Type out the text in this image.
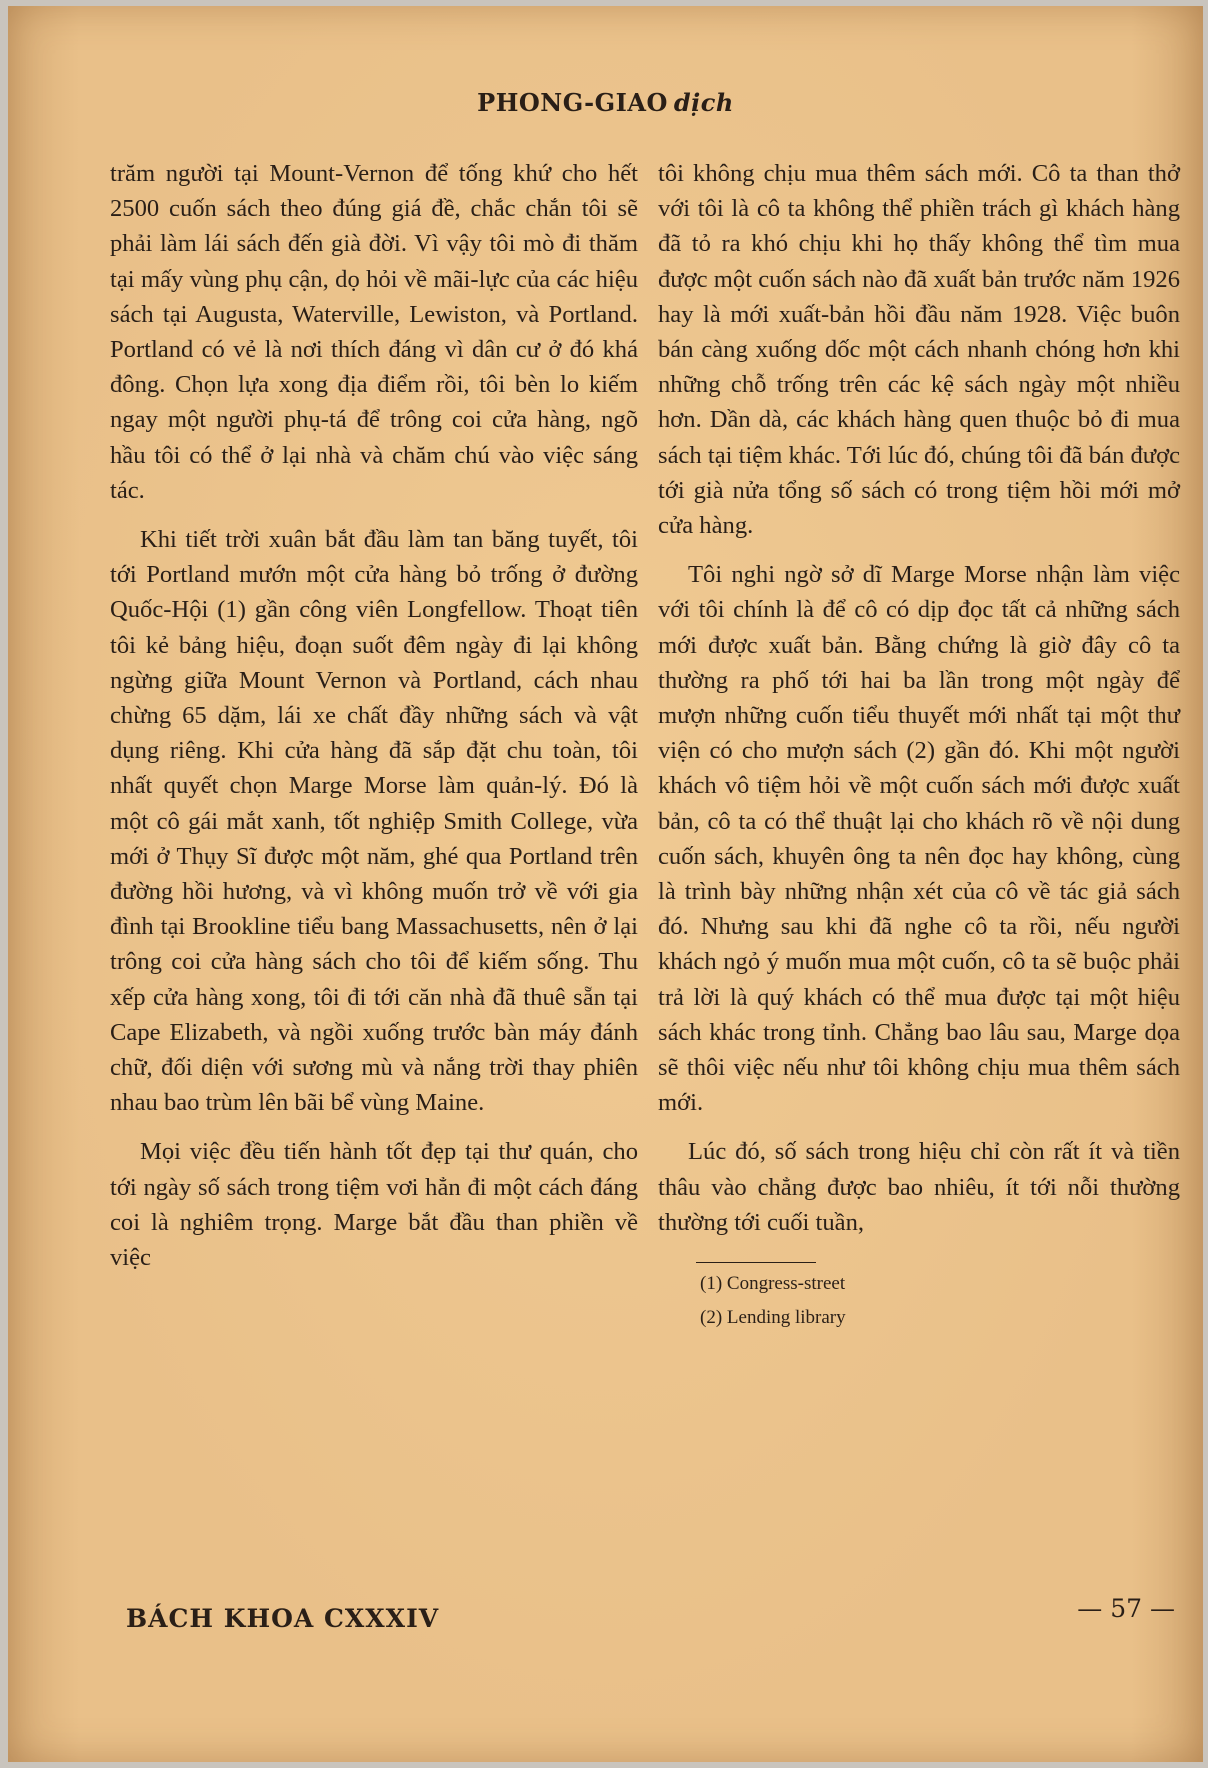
PHONG-GIAO dịch

trăm người tại Mount-Vernon để tống khứ cho hết 2500 cuốn sách theo đúng giá đề, chắc chắn tôi sẽ phải làm lái sách đến già đời. Vì vậy tôi mò đi thăm tại mấy vùng phụ cận, dọ hỏi về mãi-lực của các hiệu sách tại Augusta, Waterville, Lewiston, và Portland. Portland có vẻ là nơi thích đáng vì dân cư ở đó khá đông. Chọn lựa xong địa điểm rồi, tôi bèn lo kiếm ngay một người phụ-tá để trông coi cửa hàng, ngõ hầu tôi có thể ở lại nhà và chăm chú vào việc sáng tác.

Khi tiết trời xuân bắt đầu làm tan băng tuyết, tôi tới Portland mướn một cửa hàng bỏ trống ở đường Quốc-Hội (1) gần công viên Longfellow. Thoạt tiên tôi kẻ bảng hiệu, đoạn suốt đêm ngày đi lại không ngừng giữa Mount Vernon và Portland, cách nhau chừng 65 dặm, lái xe chất đầy những sách và vật dụng riêng. Khi cửa hàng đã sắp đặt chu toàn, tôi nhất quyết chọn Marge Morse làm quản-lý. Đó là một cô gái mắt xanh, tốt nghiệp Smith College, vừa mới ở Thụy Sĩ được một năm, ghé qua Portland trên đường hồi hương, và vì không muốn trở về với gia đình tại Brookline tiểu bang Massachusetts, nên ở lại trông coi cửa hàng sách cho tôi để kiếm sống. Thu xếp cửa hàng xong, tôi đi tới căn nhà đã thuê sẵn tại Cape Elizabeth, và ngồi xuống trước bàn máy đánh chữ, đối diện với sương mù và nắng trời thay phiên nhau bao trùm lên bãi bể vùng Maine.

Mọi việc đều tiến hành tốt đẹp tại thư quán, cho tới ngày số sách trong tiệm vơi hẳn đi một cách đáng coi là nghiêm trọng. Marge bắt đầu than phiền về việc

tôi không chịu mua thêm sách mới. Cô ta than thở với tôi là cô ta không thể phiền trách gì khách hàng đã tỏ ra khó chịu khi họ thấy không thể tìm mua được một cuốn sách nào đã xuất bản trước năm 1926 hay là mới xuất-bản hồi đầu năm 1928. Việc buôn bán càng xuống dốc một cách nhanh chóng hơn khi những chỗ trống trên các kệ sách ngày một nhiều hơn. Dần dà, các khách hàng quen thuộc bỏ đi mua sách tại tiệm khác. Tới lúc đó, chúng tôi đã bán được tới già nửa tổng số sách có trong tiệm hồi mới mở cửa hàng.

Tôi nghi ngờ sở dĩ Marge Morse nhận làm việc với tôi chính là để cô có dịp đọc tất cả những sách mới được xuất bản. Bằng chứng là giờ đây cô ta thường ra phố tới hai ba lần trong một ngày để mượn những cuốn tiểu thuyết mới nhất tại một thư viện có cho mượn sách (2) gần đó. Khi một người khách vô tiệm hỏi về một cuốn sách mới được xuất bản, cô ta có thể thuật lại cho khách rõ về nội dung cuốn sách, khuyên ông ta nên đọc hay không, cùng là trình bày những nhận xét của cô về tác giả sách đó. Nhưng sau khi đã nghe cô ta rồi, nếu người khách ngỏ ý muốn mua một cuốn, cô ta sẽ buộc phải trả lời là quý khách có thể mua được tại một hiệu sách khác trong tỉnh. Chẳng bao lâu sau, Marge dọa sẽ thôi việc nếu như tôi không chịu mua thêm sách mới.

Lúc đó, số sách trong hiệu chỉ còn rất ít và tiền thâu vào chẳng được bao nhiêu, ít tới nỗi thường thường tới cuối tuần,

(1) Congress-street
(2) Lending library
BÁCH KHOA CXXXIV	— 57 —
